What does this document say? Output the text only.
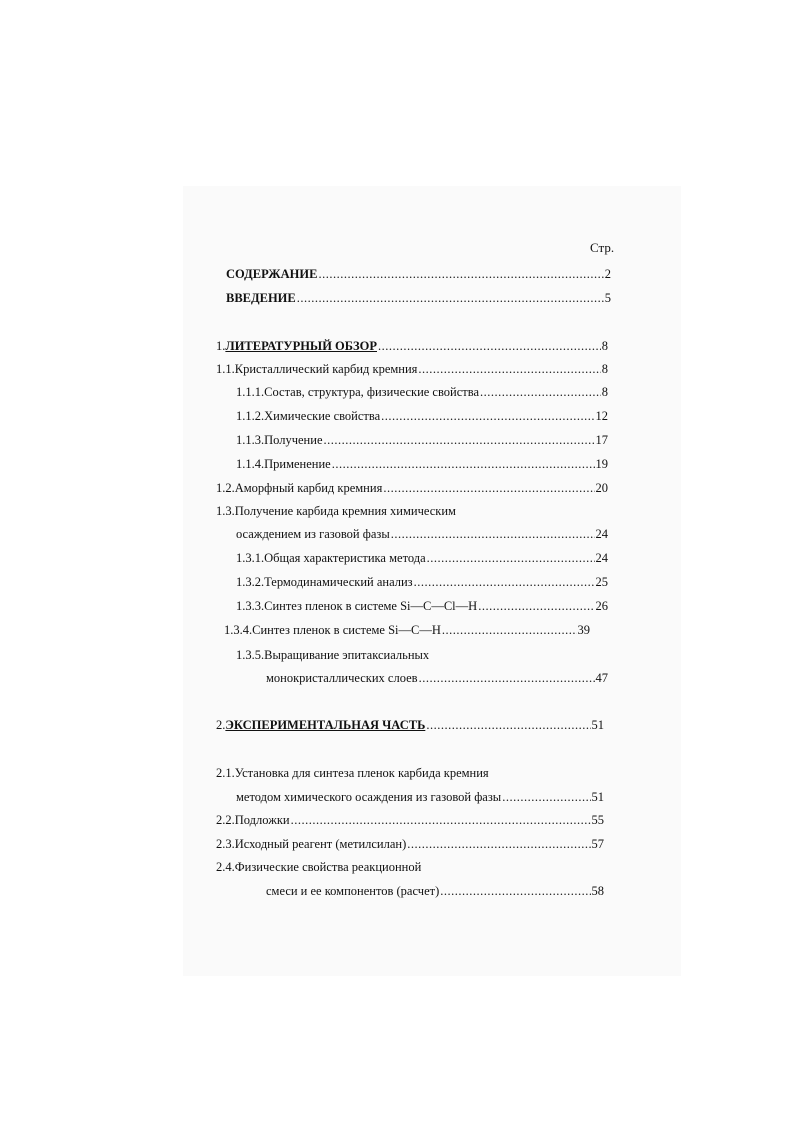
Стр.
СОДЕРЖАНИЕ .....	2
ВВЕДЕНИЕ .....	5
1. ЛИТЕРАТУРНЫЙ ОБЗОР .....	8
1.1.Кристаллический карбид кремния .....	8
1.1.1.Состав, структура, физические свойства .....	8
1.1.2.Химические свойства .....	12
1.1.3.Получение .....	17
1.1.4.Применение .....	19
1.2.Аморфный карбид кремния .....	20
1.3.Получение карбида кремния химическим
осаждением из газовой фазы .....	24
1.3.1.Общая характеристика метода .....	24
1.3.2.Термодинамический анализ .....	25
1.3.3.Синтез пленок в системе Si—C—Cl—H .....	26
1.3.4.Синтез пленок в системе Si—C—H .....	39
1.3.5.Выращивание эпитаксиальных
монокристаллических слоев .....	47
2. ЭКСПЕРИМЕНТАЛЬНАЯ ЧАСТЬ .....	51
2.1.Установка для синтеза пленок карбида кремния
методом химического осаждения из газовой фазы .....	51
2.2.Подложки .....	55
2.3.Исходный реагент (метилсилан) .....	57
2.4.Физические свойства реакционной
смеси и ее компонентов (расчет) .....	58
